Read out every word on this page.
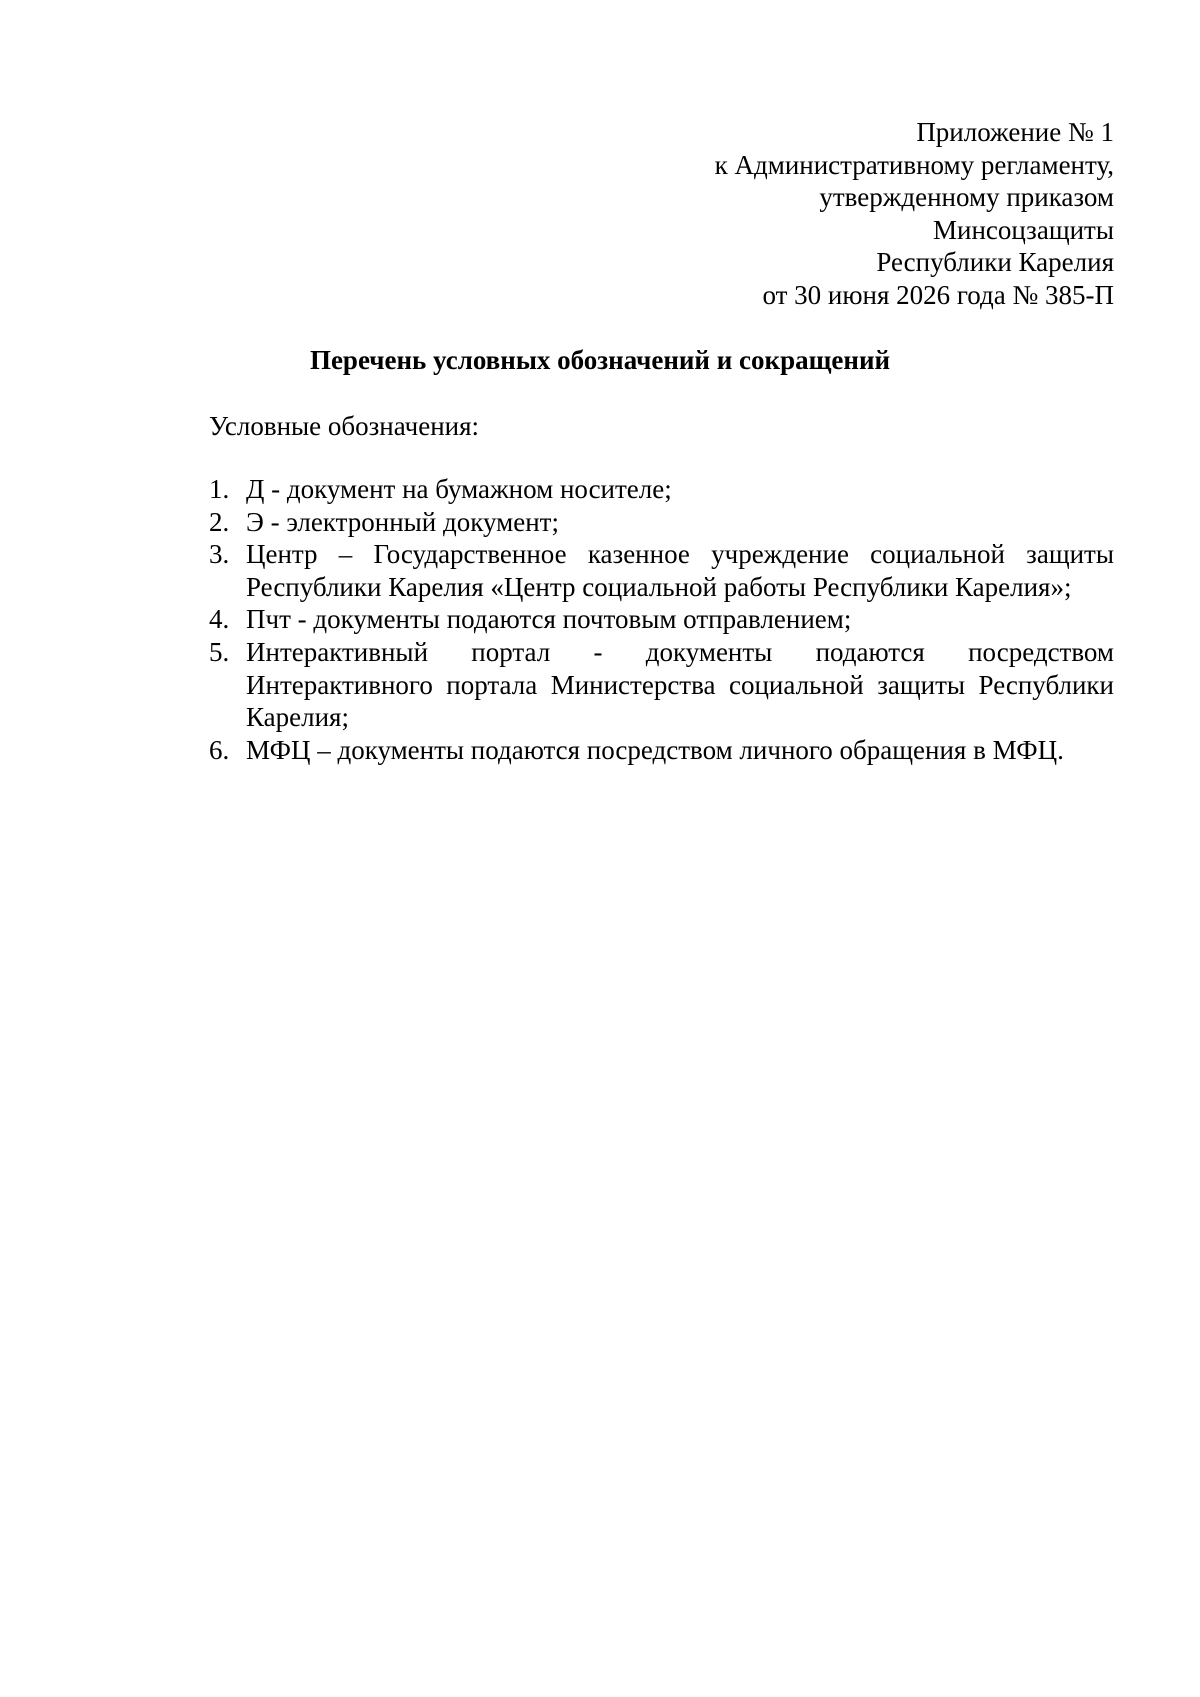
Приложение № 1
к Административному регламенту,
утвержденному приказом
Минсоцзащиты
Республики Карелия
от 30 июня 2026 года № 385-П
Перечень условных обозначений и сокращений

Условные обозначения:

1. Д - документ на бумажном носителе;
2. Э - электронный документ;
3. Центр – Государственное казенное учреждение социальной защиты Республики Карелия «Центр социальной работы Республики Карелия»;
4. Пчт - документы подаются почтовым отправлением;
5. Интерактивный портал - документы подаются посредством Интерактивного портала Министерства социальной защиты Республики Карелия;
6. МФЦ – документы подаются посредством личного обращения в МФЦ.
